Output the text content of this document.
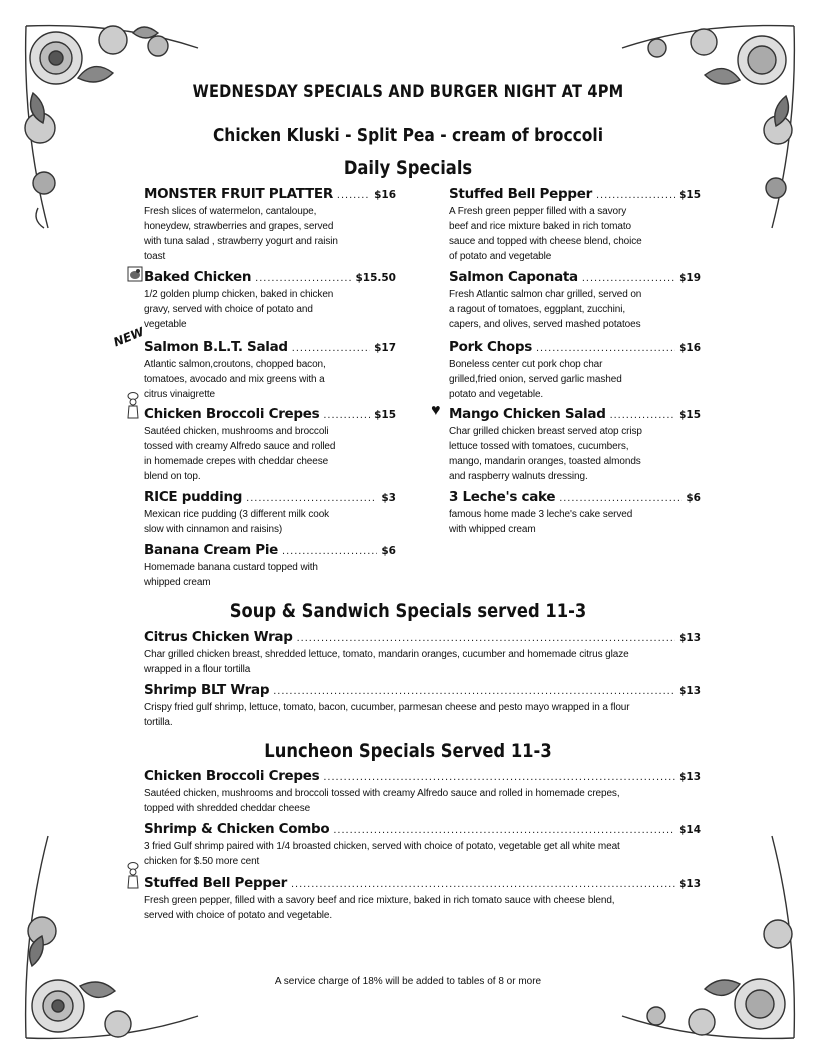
WEDNESDAY SPECIALS AND BURGER NIGHT AT 4PM
Chicken Kluski - Split Pea - cream of broccoli
Daily Specials
MONSTER FRUIT PLATTER .....	$16
Fresh slices of watermelon, cantaloupe,
honeydew, strawberries and grapes, served
with tuna salad , strawberry yogurt and raisin
toast
Baked Chicken .....	$15.50
1/2 golden plump chicken, baked in chicken
gravy, served with choice of potato and
vegetable
Salmon B.L.T. Salad .....	$17
Atlantic salmon,croutons, chopped bacon,
tomatoes, avocado and mix greens with a
citrus vinaigrette
Chicken Broccoli Crepes .....	$15
Sautéed chicken, mushrooms and broccoli
tossed with creamy Alfredo sauce and rolled
in homemade crepes with cheddar cheese
blend on top.
RICE pudding .....	$3
Mexican rice pudding (3 different milk cook
slow with cinnamon and raisins)
Banana Cream Pie .....	$6
Homemade banana custard topped with
whipped cream
Stuffed Bell Pepper .....	$15
A Fresh green pepper filled with a savory
beef and rice mixture baked in rich tomato
sauce and topped with cheese blend, choice
of potato and vegetable
Salmon Caponata .....	$19
Fresh Atlantic salmon char grilled, served on
a ragout of tomatoes, eggplant, zucchini,
capers, and olives, served mashed potatoes
Pork Chops .....	$16
Boneless center cut pork chop char
grilled,fried onion, served garlic mashed
potato and vegetable.
Mango Chicken Salad .....	$15
Char grilled chicken breast served atop crisp
lettuce tossed with tomatoes, cucumbers,
mango, mandarin oranges, toasted almonds
and raspberry walnuts dressing.
3 Leche's cake .....	$6
famous home made 3 leche's cake served
with whipped cream
NEW
♥
Soup & Sandwich Specials served 11-3
Citrus Chicken Wrap .....	$13
Char grilled chicken breast, shredded lettuce, tomato, mandarin oranges, cucumber and homemade citrus glaze
wrapped in a flour tortilla
Shrimp BLT Wrap .....	$13
Crispy fried gulf shrimp, lettuce, tomato, bacon, cucumber, parmesan cheese and pesto mayo wrapped in a flour
tortilla.
Luncheon Specials Served 11-3
Chicken Broccoli Crepes .....	$13
Sautéed chicken, mushrooms and broccoli tossed with creamy Alfredo sauce and rolled in homemade crepes,
topped with shredded cheddar cheese
Shrimp & Chicken Combo .....	$14
3 fried Gulf shrimp paired with 1/4 broasted chicken, served with choice of potato, vegetable get all white meat
chicken for $.50 more cent
Stuffed Bell Pepper .....	$13
Fresh green pepper, filled with a savory beef and rice mixture, baked in rich tomato sauce with cheese blend,
served with choice of potato and vegetable.
A service charge of 18% will be added to tables of 8 or more
